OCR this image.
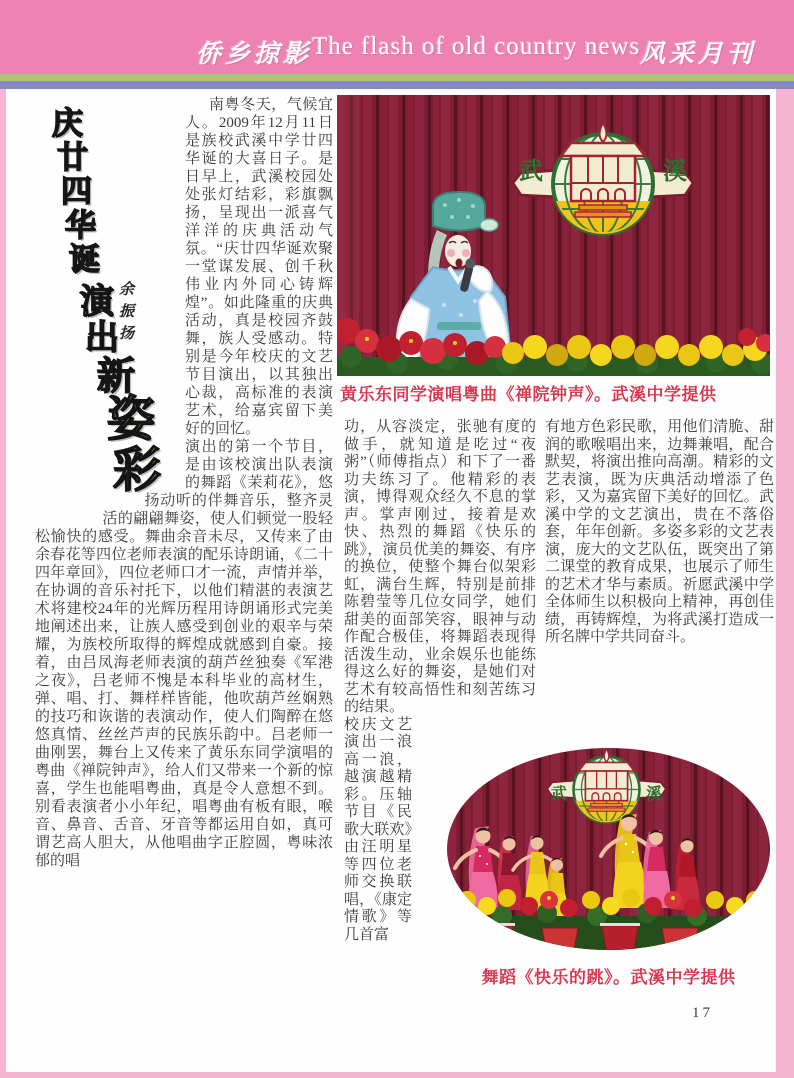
侨乡掠影 The flash of old country news 风采月刊
庆
廿
四
华
诞
演
出
新
姿
彩
余振扬

南粤冬天，气候宜人。2009年12月11日是族校武溪中学廿四华诞的大喜日子。是日早上，武溪校园处处张灯结彩，彩旗飘扬，呈现出一派喜气洋洋的庆典活动气氛。“庆廿四华诞欢聚一堂谋发展、创千秋伟业内外同心铸辉煌”。如此隆重的庆典活动，真是校园齐鼓舞，族人受感动。特别是今年校庆的文艺节目演出，以其独出心裁，高标准的表演艺术，给嘉宾留下美好的回忆。

演出的第一个节目，是由该校演出队表演的舞蹈《茉莉花》，悠扬动听的伴舞音乐，整齐灵活的翩翩舞姿，使人们顿觉一股轻松愉快的感受。舞曲余音未尽，又传来了由余春花等四位老师表演的配乐诗朗诵，《二十四年章回》，四位老师口才一流，声情并举，在协调的音乐衬托下，以他们精湛的表演艺术将建校24年的光辉历程用诗朗诵形式完美地阐述出来，让族人感受到创业的艰辛与荣耀，为族校所取得的辉煌成就感到自豪。接着，由吕凤海老师表演的葫芦丝独奏《军港之夜》，吕老师不愧是本科毕业的高材生，弹、唱、打、舞样样皆能，他吹葫芦丝娴熟的技巧和诙谐的表演动作，使人们陶醉在悠悠真情、丝丝芦声的民族乐韵中。吕老师一曲刚罢，舞台上又传来了黄乐东同学演唱的粤曲《禅院钟声》，给人们又带来一个新的惊喜，学生也能唱粤曲，真是令人意想不到。别看表演者小小年纪，唱粤曲有板有眼，喉音、鼻音、舌音、牙音等都运用自如，真可谓艺高人胆大，从他唱曲字正腔圆，粤味浓郁的唱

武	溪
黄乐东同学演唱粤曲《禅院钟声》。武溪中学提供

功，从容淡定，张驰有度的做手，就知道是吃过“夜粥”（师傅指点）和下了一番功夫练习了。他精彩的表演，博得观众经久不息的掌声。掌声刚过，接着是欢快、热烈的舞蹈《快乐的跳》，演员优美的舞姿、有序的换位，使整个舞台似架彩虹，满台生辉，特别是前排陈碧莹等几位女同学，她们甜美的面部笑容，眼神与动作配合极佳，将舞蹈表现得活泼生动，业余娱乐也能练得这么好的舞姿，是她们对艺术有较高悟性和刻苦练习的结果。

校庆文艺演出一浪高一浪，越演越精彩。压轴节目《民歌大联欢》由汪明星等四位老师交换联唱，《康定情歌》等几首富

有地方色彩民歌，用他们清脆、甜润的歌喉唱出来，边舞兼唱，配合默契，将演出推向高潮。精彩的文艺表演，既为庆典活动增添了色彩，又为嘉宾留下美好的回忆。武溪中学的文艺演出，贵在不落俗套，年年创新。多姿多彩的文艺表演，庞大的文艺队伍，既突出了第二课堂的教育成果，也展示了师生的艺术才华与素质。祈愿武溪中学全体师生以积极向上精神，再创佳绩，再铸辉煌，为将武溪打造成一所名牌中学共同奋斗。

武	溪
舞蹈《快乐的跳》。武溪中学提供
17
